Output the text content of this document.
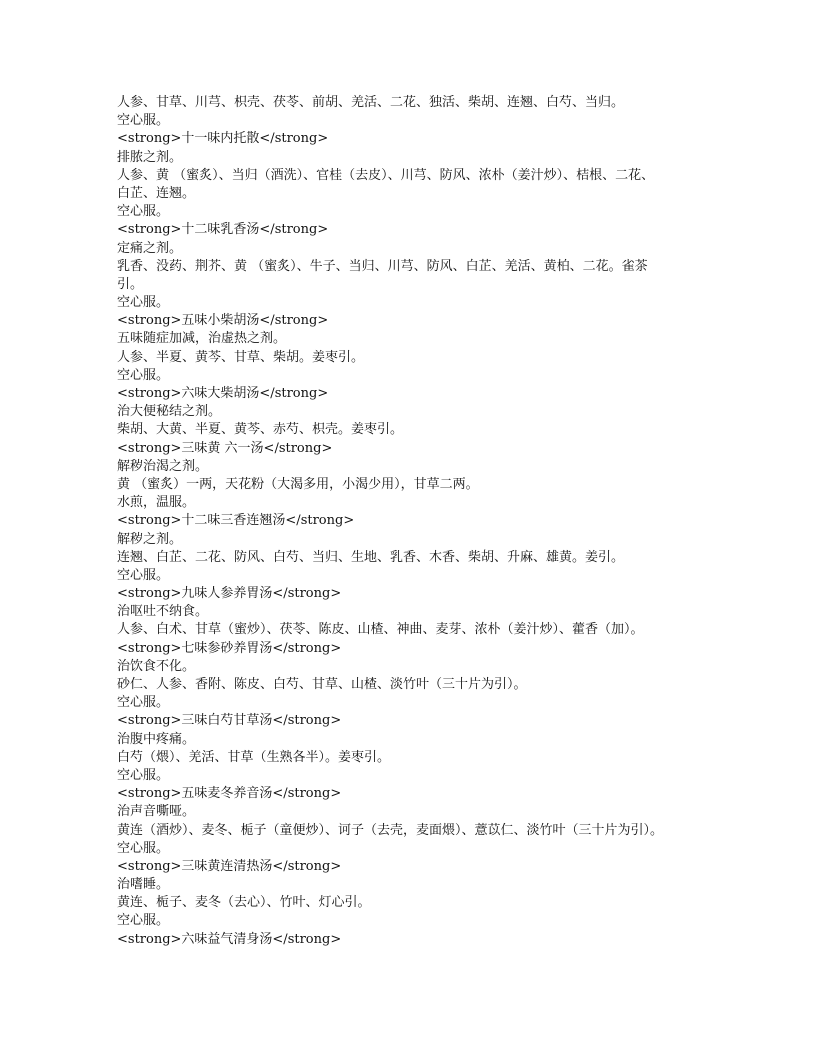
人参、甘草、川芎、枳壳、茯苓、前胡、羌活、二花、独活、柴胡、连翘、白芍、当归。
空心服。
<strong>十一味内托散</strong>
排脓之剂。
人参、黄 （蜜炙）、当归（酒洗）、官桂（去皮）、川芎、防风、浓朴（姜汁炒）、桔根、二花、
白芷、连翘。
空心服。
<strong>十二味乳香汤</strong>
定痛之剂。
乳香、没药、荆芥、黄 （蜜炙）、牛子、当归、川芎、防风、白芷、羌活、黄柏、二花。雀茶
引。
空心服。
<strong>五味小柴胡汤</strong>
五味随症加减，治虚热之剂。
人参、半夏、黄芩、甘草、柴胡。姜枣引。
空心服。
<strong>六味大柴胡汤</strong>
治大便秘结之剂。
柴胡、大黄、半夏、黄芩、赤芍、枳壳。姜枣引。
<strong>三味黄 六一汤</strong>
解秽治渴之剂。
黄 （蜜炙）一两，天花粉（大渴多用，小渴少用），甘草二两。
水煎，温服。
<strong>十二味三香连翘汤</strong>
解秽之剂。
连翘、白芷、二花、防风、白芍、当归、生地、乳香、木香、柴胡、升麻、雄黄。姜引。
空心服。
<strong>九味人参养胃汤</strong>
治呕吐不纳食。
人参、白术、甘草（蜜炒）、茯苓、陈皮、山楂、神曲、麦芽、浓朴（姜汁炒）、藿香（加）。
<strong>七味参砂养胃汤</strong>
治饮食不化。
砂仁、人参、香附、陈皮、白芍、甘草、山楂、淡竹叶（三十片为引）。
空心服。
<strong>三味白芍甘草汤</strong>
治腹中疼痛。
白芍（煨）、羌活、甘草（生熟各半）。姜枣引。
空心服。
<strong>五味麦冬养音汤</strong>
治声音嘶哑。
黄连（酒炒）、麦冬、栀子（童便炒）、诃子（去壳，麦面煨）、薏苡仁、淡竹叶（三十片为引）。
空心服。
<strong>三味黄连清热汤</strong>
治嗜睡。
黄连、栀子、麦冬（去心）、竹叶、灯心引。
空心服。
<strong>六味益气清身汤</strong>
